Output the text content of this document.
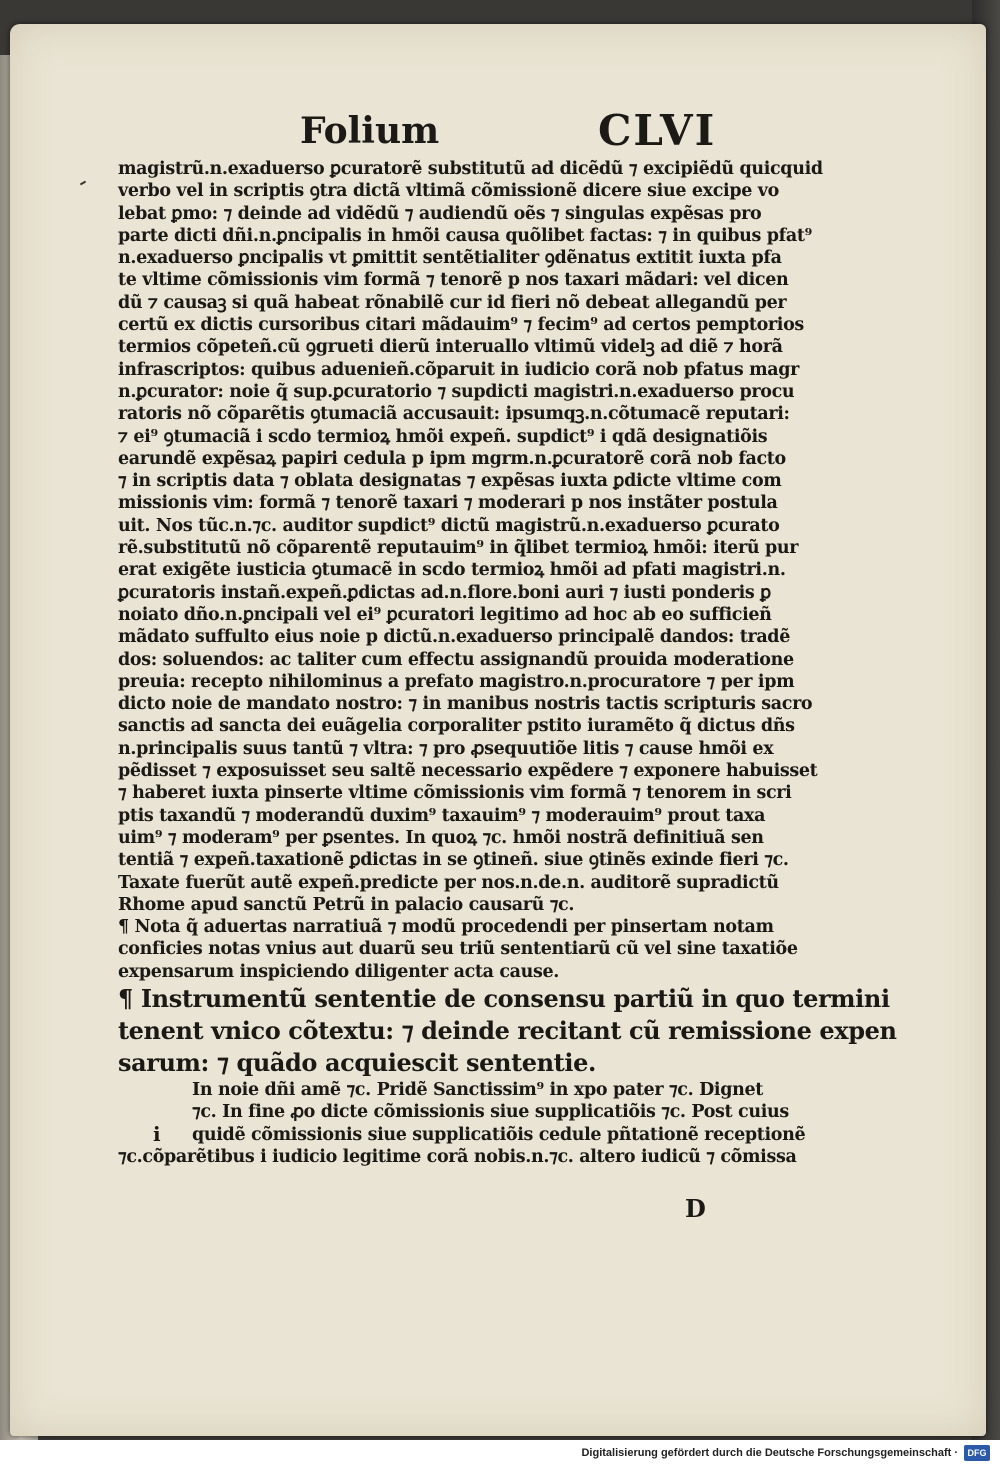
Folium	CLVI
magistrũ.n.exaduerso ꝑcuratorẽ substitutũ ad dicẽdũ ⁊ excipiẽdũ quicquid
verbo vel in scriptis ꝯtra dictã vltimã cõmissionẽ dicere siue excipe vo
lebat ꝑmo: ⁊ deinde ad vidẽdũ ⁊ audiendũ oẽs ⁊ singulas expẽsas pro
parte dicti dñi.n.ꝑncipalis in hmõi causa quõlibet factas: ⁊ in quibus pfat⁹
n.exaduerso ꝑncipalis vt ꝑmittit sentẽtialiter ꝯdẽnatus extitit iuxta pfa
te vltime cõmissionis vim formã ⁊ tenorẽ p nos taxari mãdari: vel dicen
dũ ⁊ causaꝫ si quã habeat rõnabilẽ cur id fieri nõ debeat allegandũ per
certũ ex dictis cursoribus citari mãdauim⁹ ⁊ fecim⁹ ad certos pemptorios
termios cõpeteñ.cũ ꝯgrueti dierũ interuallo vltimũ videlꝫ ad diẽ ⁊ horã
infrascriptos: quibus aduenieñ.cõparuit in iudicio corã nob pfatus magr
n.ꝑcurator: noie q̃ sup.ꝑcuratorio ⁊ supdicti magistri.n.exaduerso procu
ratoris nõ cõparẽtis ꝯtumaciã accusauit: ipsumqꝫ.n.cõtumacẽ reputari:
⁊ ei⁹ ꝯtumaciã i scdo termioꝝ hmõi expeñ. supdict⁹ i qdã designatiõis
earundẽ expẽsaꝝ papiri cedula p ipm mgrm.n.ꝑcuratorẽ corã nob facto
⁊ in scriptis data ⁊ oblata designatas ⁊ expẽsas iuxta ꝑdicte vltime com
missionis vim: formã ⁊ tenorẽ taxari ⁊ moderari p nos instãter postula
uit. Nos tũc.n.⁊c. auditor supdict⁹ dictũ magistrũ.n.exaduerso ꝑcurato
rẽ.substitutũ nõ cõparentẽ reputauim⁹ in q̃libet termioꝝ hmõi: iterũ pur
erat exigẽte iusticia ꝯtumacẽ in scdo termioꝝ hmõi ad pfati magistri.n.
ꝑcuratoris instañ.expeñ.ꝑdictas ad.n.flore.boni auri ⁊ iusti ponderis ꝑ
noiato dño.n.ꝑncipali vel ei⁹ ꝑcuratori legitimo ad hoc ab eo sufficieñ
mãdato suffulto eius noie p dictũ.n.exaduerso principalẽ dandos: tradẽ
dos: soluendos: ac taliter cum effectu assignandũ prouida moderatione
preuia: recepto nihilominus a prefato magistro.n.procuratore ⁊ per ipm
dicto noie de mandato nostro: ⁊ in manibus nostris tactis scripturis sacro
sanctis ad sancta dei euãgelia corporaliter pstito iuramẽto q̃ dictus dñs
n.principalis suus tantũ ⁊ vltra: ⁊ pro ꝓsequutiõe litis ⁊ cause hmõi ex
pẽdisset ⁊ exposuisset seu saltẽ necessario expẽdere ⁊ exponere habuisset
⁊ haberet iuxta pinserte vltime cõmissionis vim formã ⁊ tenorem in scri
ptis taxandũ ⁊ moderandũ duxim⁹ taxauim⁹ ⁊ moderauim⁹ prout taxa
uim⁹ ⁊ moderam⁹ per ꝑsentes. In quoꝝ ⁊c. hmõi nostrã definitiuã sen
tentiã ⁊ expeñ.taxationẽ ꝑdictas in se ꝯtineñ. siue ꝯtinẽs exinde fieri ⁊c.
Taxate fuerũt autẽ expeñ.predicte per nos.n.de.n. auditorẽ supradictũ
Rhome apud sanctũ Petrũ in palacio causarũ ⁊c.
¶ Nota q̃ aduertas narratiuã ⁊ modũ procedendi per pinsertam notam
conficies notas vnius aut duarũ seu triũ sententiarũ cũ vel sine taxatiõe
expensarum inspiciendo diligenter acta cause.
¶ Instrumentũ sententie de consensu partiũ in quo termini
tenent vnico cõtextu: ⁊ deinde recitant cũ remissione expen
sarum: ⁊ quãdo acquiescit sententie.
In noie dñi amẽ ⁊c. Pridẽ Sanctissim⁹ in xpo pater ⁊c. Dignet
⁊c. In fine ꝓo dicte cõmissionis siue supplicatiõis ⁊c. Post cuius
quidẽ cõmissionis siue supplicatiõis cedule pñtationẽ receptionẽ
⁊c.cõparẽtibus i iudicio legitime corã nobis.n.⁊c. altero iudicũ ⁊ cõmissa
i
D
Digitalisierung gefördert durch die Deutsche Forschungsgemeinschaft ·	DFG
